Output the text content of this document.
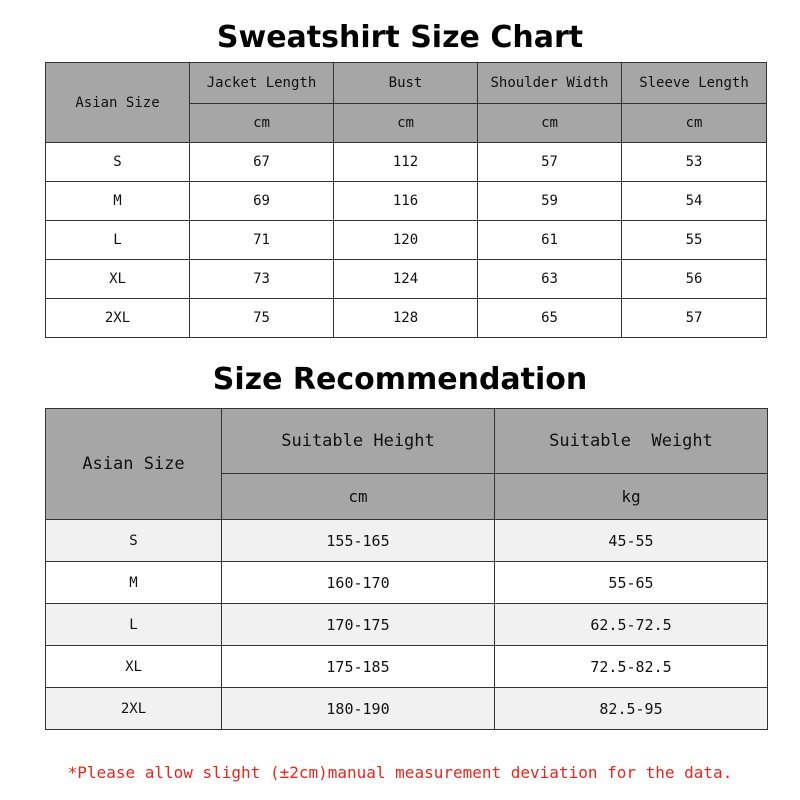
Sweatshirt Size Chart
Asian Size	Jacket Length	Bust	Shoulder Width	Sleeve Length
	cm	cm	cm	cm
S	67	112	57	53
M	69	116	59	54
L	71	120	61	55
XL	73	124	63	56
2XL	75	128	65	57
Size Recommendation
Asian Size	Suitable Height	Suitable  Weight
	cm	kg
S	155-165	45-55
M	160-170	55-65
L	170-175	62.5-72.5
XL	175-185	72.5-82.5
2XL	180-190	82.5-95
*Please allow slight (±2cm)manual measurement deviation for the data.
